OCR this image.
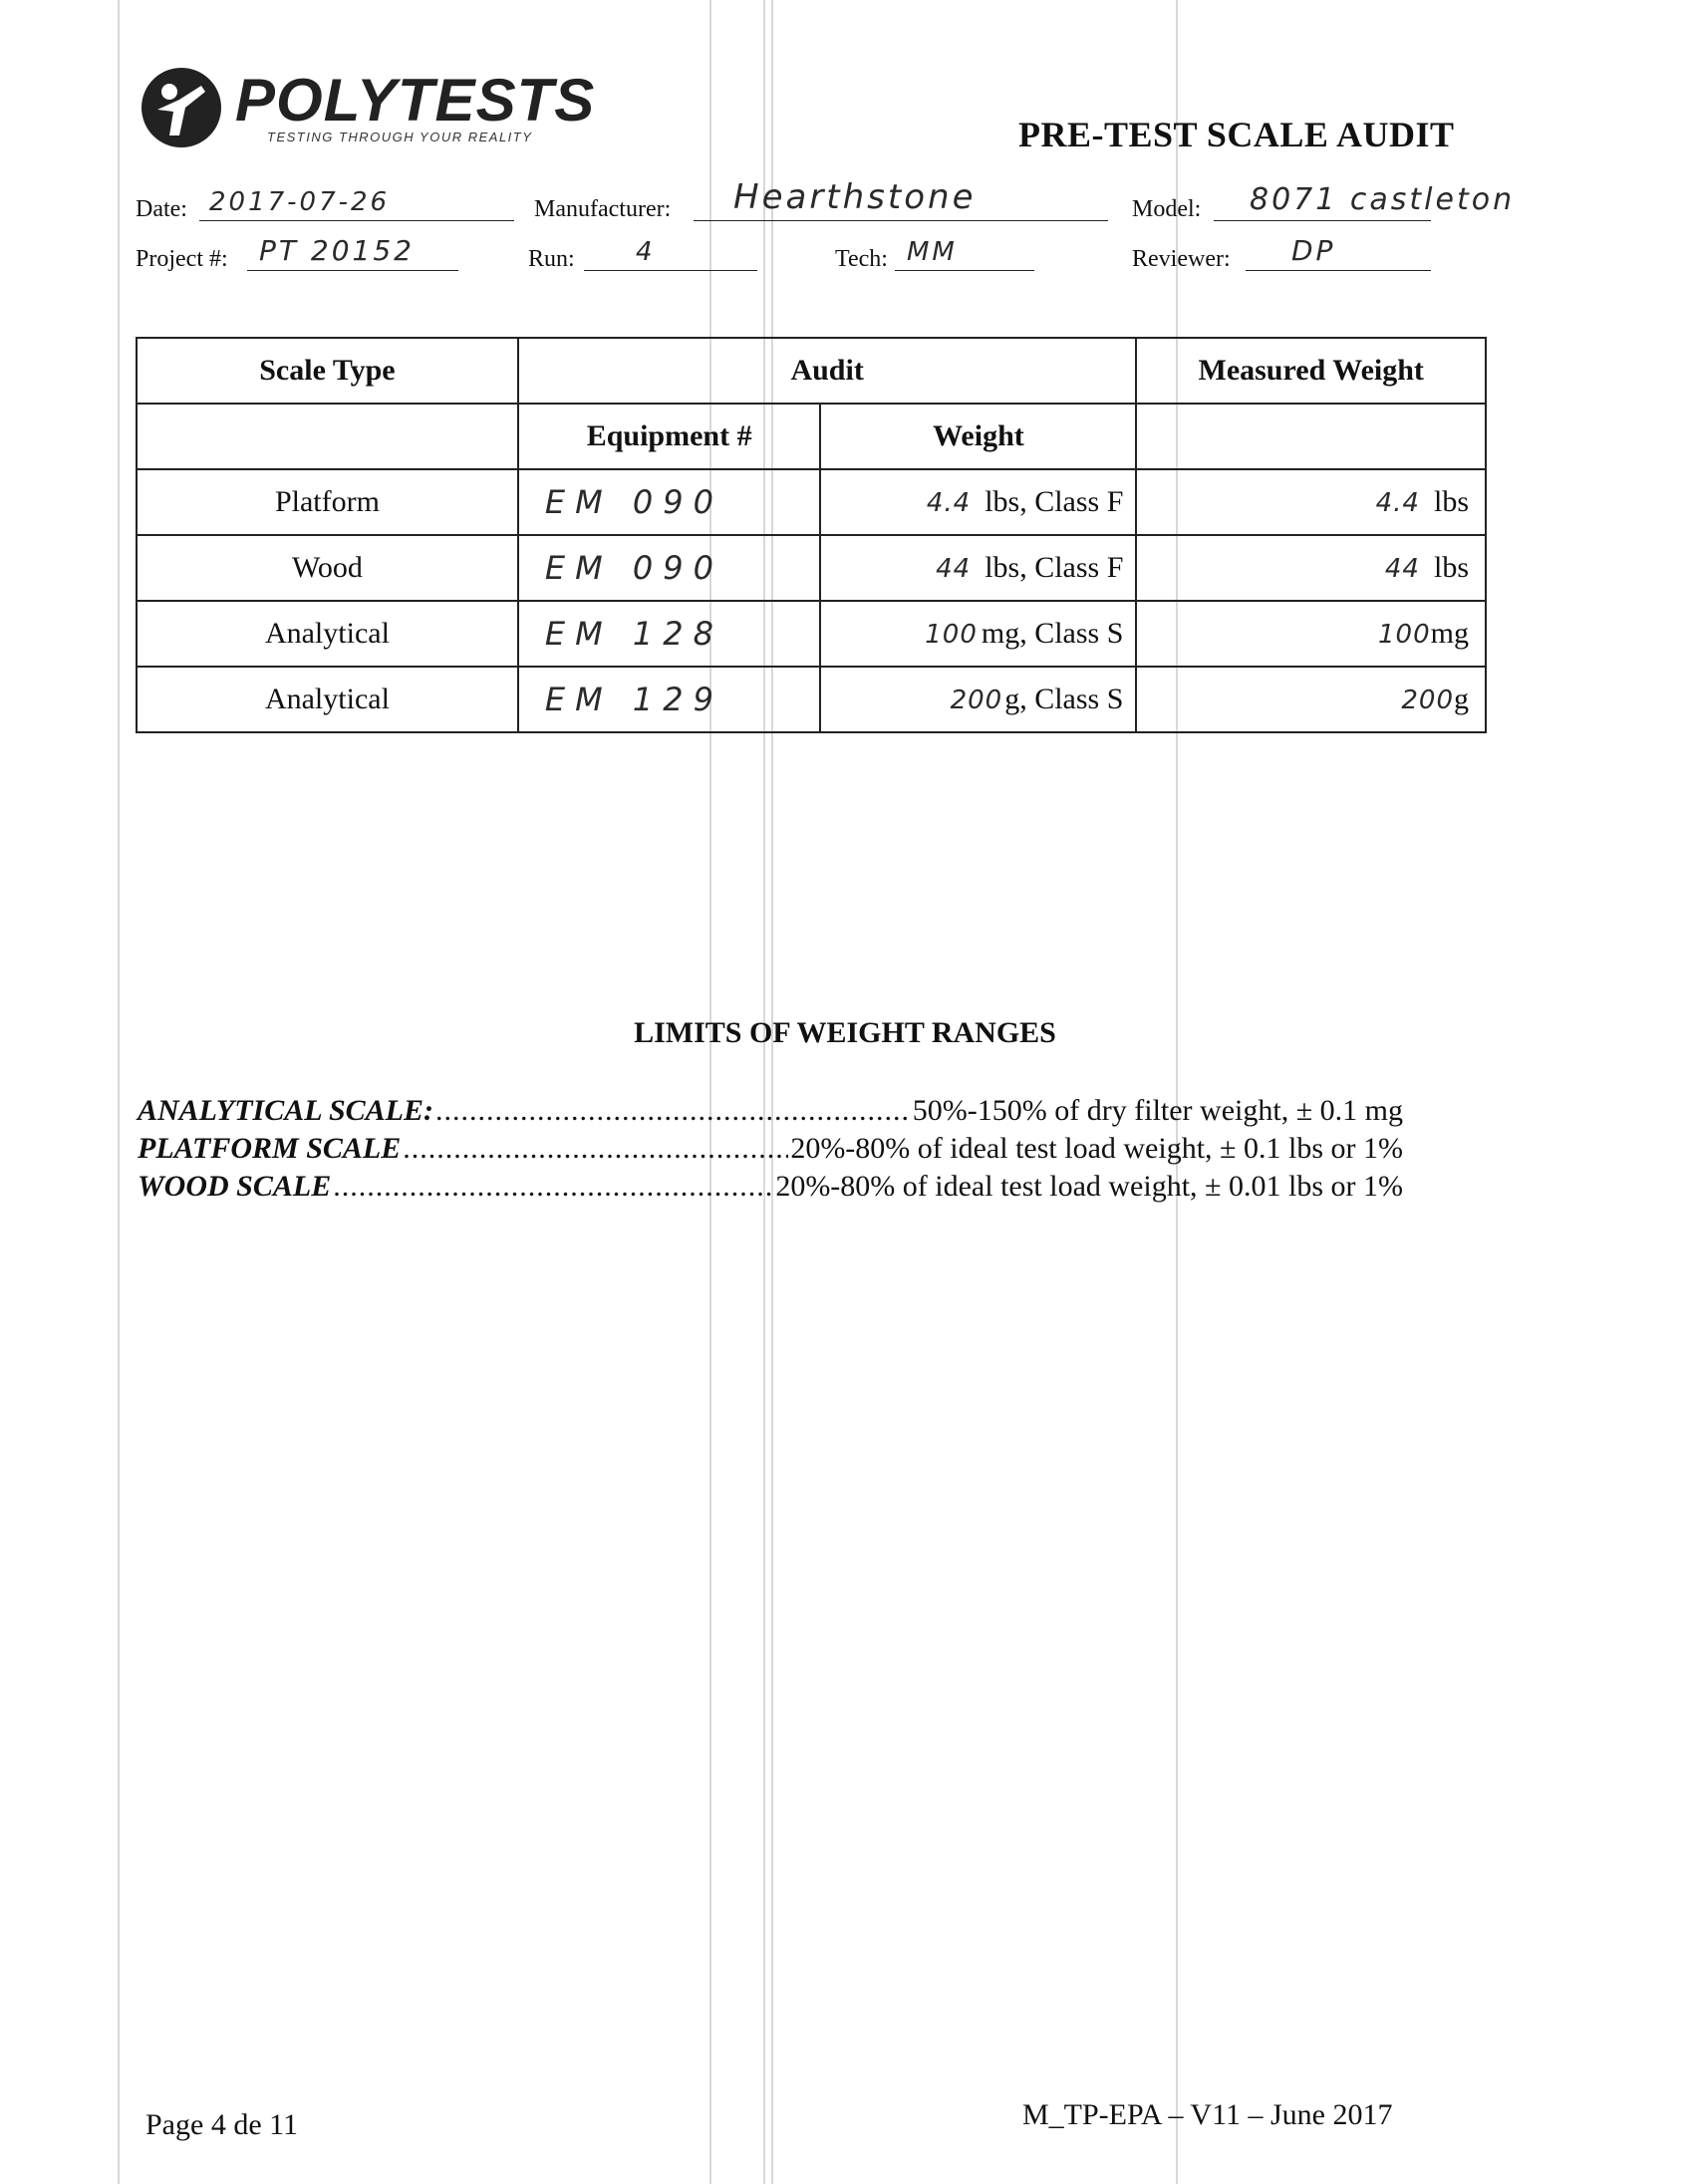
POLYTESTS
TESTING THROUGH YOUR REALITY	PRE-TEST SCALE AUDIT
Date: 2017-07-26	Manufacturer: Hearthstone	Model: 8071 castleton
Project #: PT 20152	Run: 4	Tech: MM	Reviewer: DP
Scale Type	Audit		Measured Weight
	Equipment #	Weight	
Platform	EM 090	4.4 lbs, Class F	4.4 lbs
Wood	EM 090	44 lbs, Class F	44 lbs
Analytical	EM 128	100 mg, Class S	100mg
Analytical	EM 129	200g, Class S	200g
LIMITS OF WEIGHT RANGES
ANALYTICAL SCALE: .....	50%-150% of dry filter weight, ± 0.1 mg
PLATFORM SCALE .....	20%-80% of ideal test load weight, ± 0.1 lbs or 1%
WOOD SCALE .....	20%-80% of ideal test load weight, ± 0.01 lbs or 1%
Page 4 de 11	M_TP-EPA – V11 – June 2017
